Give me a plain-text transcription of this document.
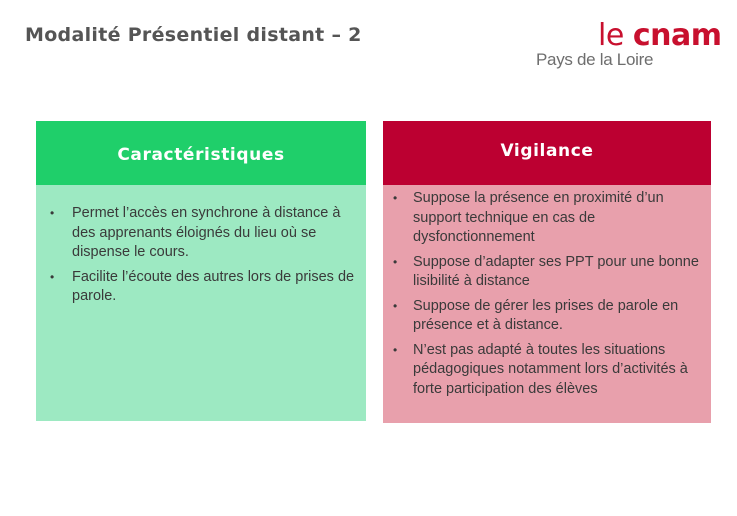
Modalité Présentiel distant – 2	le cnam
Pays de la Loire
Caractéristiques
• Permet l’accès en synchrone à distance à des apprenants éloignés du lieu où se dispense le cours.
• Facilite l’écoute des autres lors de prises de parole.
Vigilance
• Suppose la présence en proximité d’un support technique en cas de dysfonctionnement
• Suppose d’adapter ses PPT pour une bonne lisibilité à distance
• Suppose de gérer les prises de parole en présence et à distance.
• N’est pas adapté à toutes les situations pédagogiques notamment lors d’activités à forte participation des élèves
